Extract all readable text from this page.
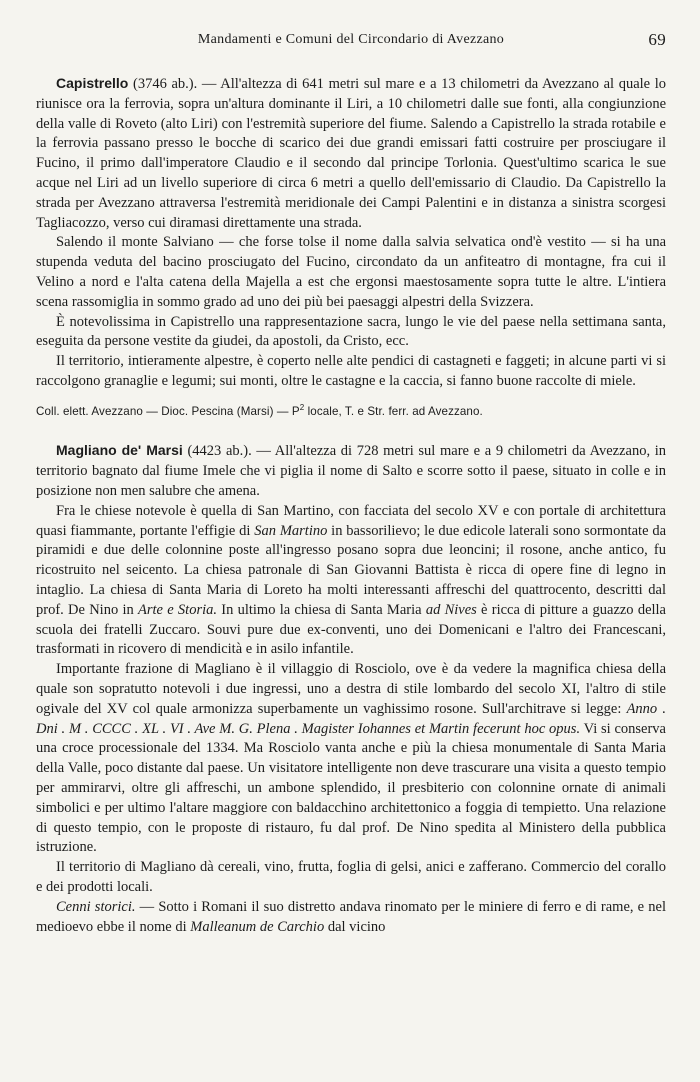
Mandamenti e Comuni del Circondario di Avezzano	69

Capistrello (3746 ab.). — All'altezza di 641 metri sul mare e a 13 chilometri da Avezzano al quale lo riunisce ora la ferrovia, sopra un'altura dominante il Liri, a 10 chilometri dalle sue fonti, alla congiunzione della valle di Roveto (alto Liri) con l'estremità superiore del fiume. Salendo a Capistrello la strada rotabile e la ferrovia passano presso le bocche di scarico dei due grandi emissari fatti costruire per prosciugare il Fucino, il primo dall'imperatore Claudio e il secondo dal principe Torlonia. Quest'ultimo scarica le sue acque nel Liri ad un livello superiore di circa 6 metri a quello dell'emissario di Claudio. Da Capistrello la strada per Avezzano attraversa l'estremità meridionale dei Campi Palentini e in distanza a sinistra scorgesi Tagliacozzo, verso cui diramasi direttamente una strada.

Salendo il monte Salviano — che forse tolse il nome dalla salvia selvatica ond'è vestito — si ha una stupenda veduta del bacino prosciugato del Fucino, circondato da un anfiteatro di montagne, fra cui il Velino a nord e l'alta catena della Majella a est che ergonsi maestosamente sopra tutte le altre. L'intiera scena rassomiglia in sommo grado ad uno dei più bei paesaggi alpestri della Svizzera.

È notevolissima in Capistrello una rappresentazione sacra, lungo le vie del paese nella settimana santa, eseguita da persone vestite da giudei, da apostoli, da Cristo, ecc.

Il territorio, intieramente alpestre, è coperto nelle alte pendici di castagneti e faggeti; in alcune parti vi si raccolgono granaglie e legumi; sui monti, oltre le castagne e la caccia, si fanno buone raccolte di miele.

Coll. elett. Avezzano — Dioc. Pescina (Marsi) — $P^2$ locale, T. e Str. ferr. ad Avezzano.

Magliano de' Marsi (4423 ab.). — All'altezza di 728 metri sul mare e a 9 chilometri da Avezzano, in territorio bagnato dal fiume Imele che vi piglia il nome di Salto e scorre sotto il paese, situato in colle e in posizione non men salubre che amena.

Fra le chiese notevole è quella di San Martino, con facciata del secolo XV e con portale di architettura quasi fiammante, portante l'effigie di San Martino in bassorilievo; le due edicole laterali sono sormontate da piramidi e due delle colonnine poste all'ingresso posano sopra due leoncini; il rosone, anche antico, fu ricostruito nel seicento. La chiesa patronale di San Giovanni Battista è ricca di opere fine di legno in intaglio. La chiesa di Santa Maria di Loreto ha molti interessanti affreschi del quattrocento, descritti dal prof. De Nino in Arte e Storia. In ultimo la chiesa di Santa Maria ad Nives è ricca di pitture a guazzo della scuola dei fratelli Zuccaro. Souvi pure due ex-conventi, uno dei Domenicani e l'altro dei Francescani, trasformati in ricovero di mendicità e in asilo infantile.

Importante frazione di Magliano è il villaggio di Rosciolo, ove è da vedere la magnifica chiesa della quale son sopratutto notevoli i due ingressi, uno a destra di stile lombardo del secolo XI, l'altro di stile ogivale del XV col quale armonizza superbamente un vaghissimo rosone. Sull'architrave si legge: Anno . Dni . M . CCCC . XL . VI . Ave M. G. Plena . Magister Iohannes et Martin fecerunt hoc opus. Vi si conserva una croce processionale del 1334. Ma Rosciolo vanta anche e più la chiesa monumentale di Santa Maria della Valle, poco distante dal paese. Un visitatore intelligente non deve trascurare una visita a questo tempio per ammirarvi, oltre gli affreschi, un ambone splendido, il presbiterio con colonnine ornate di animali simbolici e per ultimo l'altare maggiore con baldacchino architettonico a foggia di tempietto. Una relazione di questo tempio, con le proposte di ristauro, fu dal prof. De Nino spedita al Ministero della pubblica istruzione.

Il territorio di Magliano dà cereali, vino, frutta, foglia di gelsi, anici e zafferano. Commercio del corallo e dei prodotti locali.

Cenni storici. — Sotto i Romani il suo distretto andava rinomato per le miniere di ferro e di rame, e nel medioevo ebbe il nome di Malleanum de Carchio dal vicino
